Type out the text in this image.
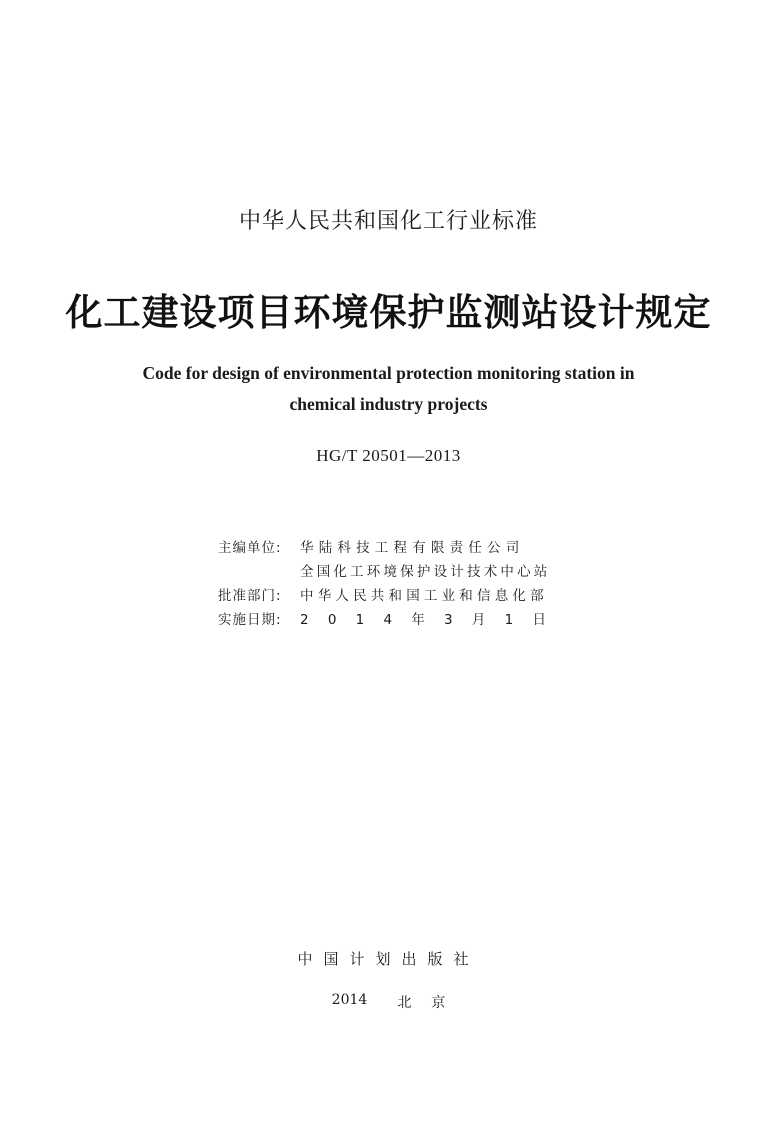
中华人民共和国化工行业标准
化工建设项目环境保护监测站设计规定
Code for design of environmental protection monitoring station in
chemical industry projects
HG/T 20501—2013
主编单位:	华陆科技工程有限责任公司
全国化工环境保护设计技术中心站
批准部门:	中华人民共和国工业和信息化部
实施日期:	2 0 1 4 年 3 月 1 日
中国计划出版社
2014 北京
